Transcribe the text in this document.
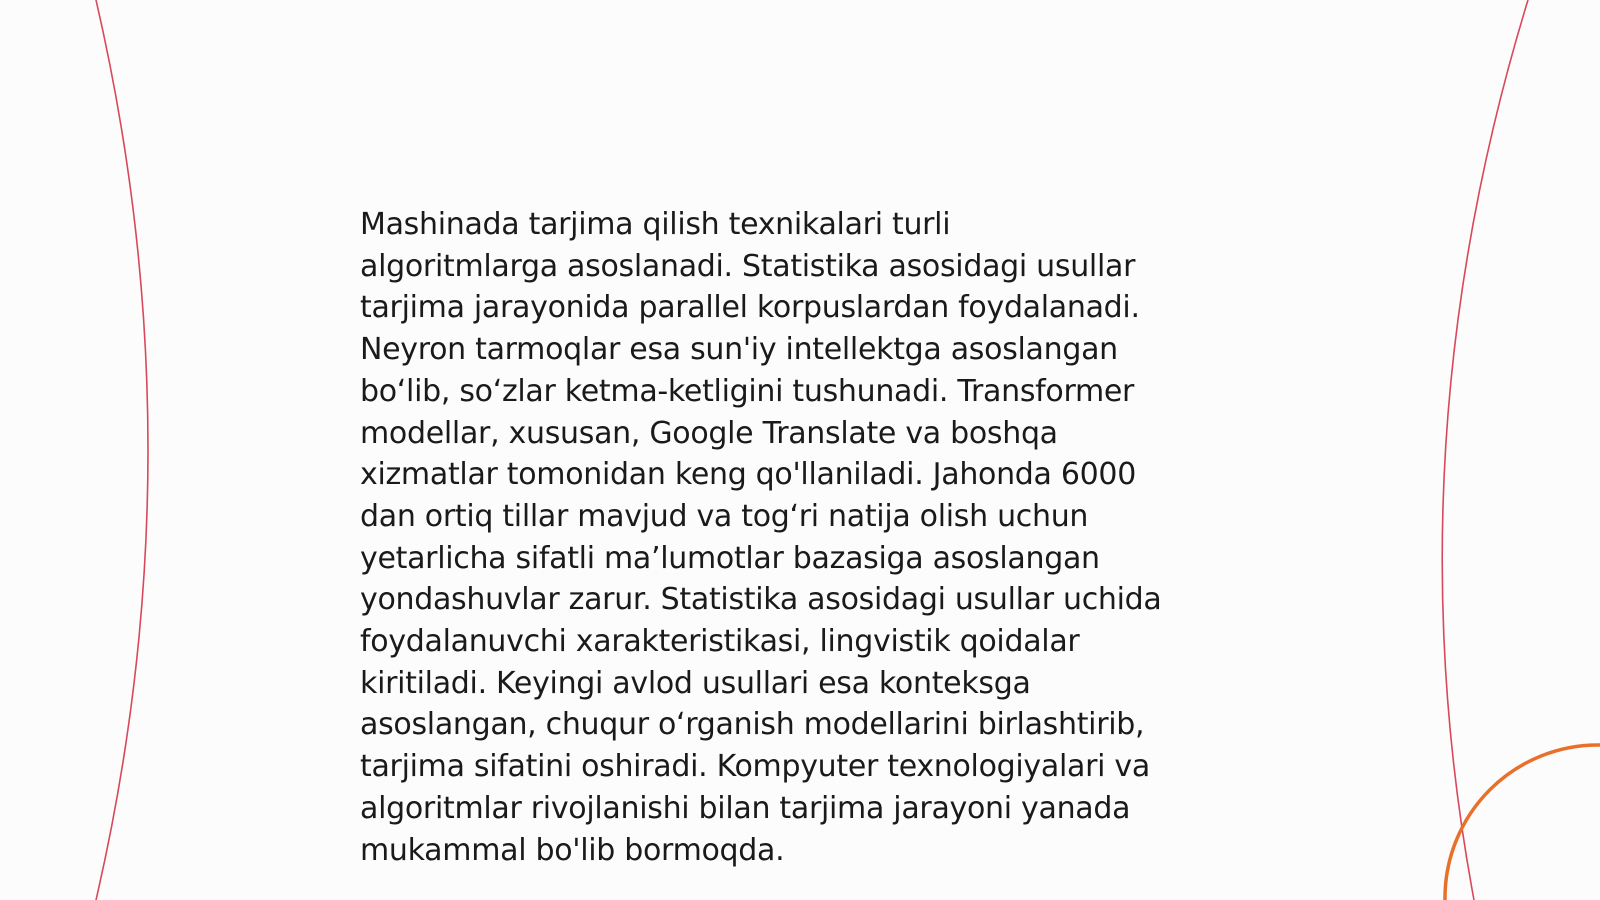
Mashinada tarjima qilish texnikalari turli
algoritmlarga asoslanadi. Statistika asosidagi usullar
tarjima jarayonida parallel korpuslardan foydalanadi.
Neyron tarmoqlar esa sun'iy intellektga asoslangan
bo‘lib, so‘zlar ketma-ketligini tushunadi. Transformer
modellar, xususan, Google Translate va boshqa
xizmatlar tomonidan keng qo'llaniladi. Jahonda 6000
dan ortiq tillar mavjud va tog‘ri natija olish uchun
yetarlicha sifatli ma’lumotlar bazasiga asoslangan
yondashuvlar zarur. Statistika asosidagi usullar uchida
foydalanuvchi xarakteristikasi, lingvistik qoidalar
kiritiladi. Keyingi avlod usullari esa konteksga
asoslangan, chuqur o‘rganish modellarini birlashtirib,
tarjima sifatini oshiradi. Kompyuter texnologiyalari va
algoritmlar rivojlanishi bilan tarjima jarayoni yanada
mukammal bo'lib bormoqda.
